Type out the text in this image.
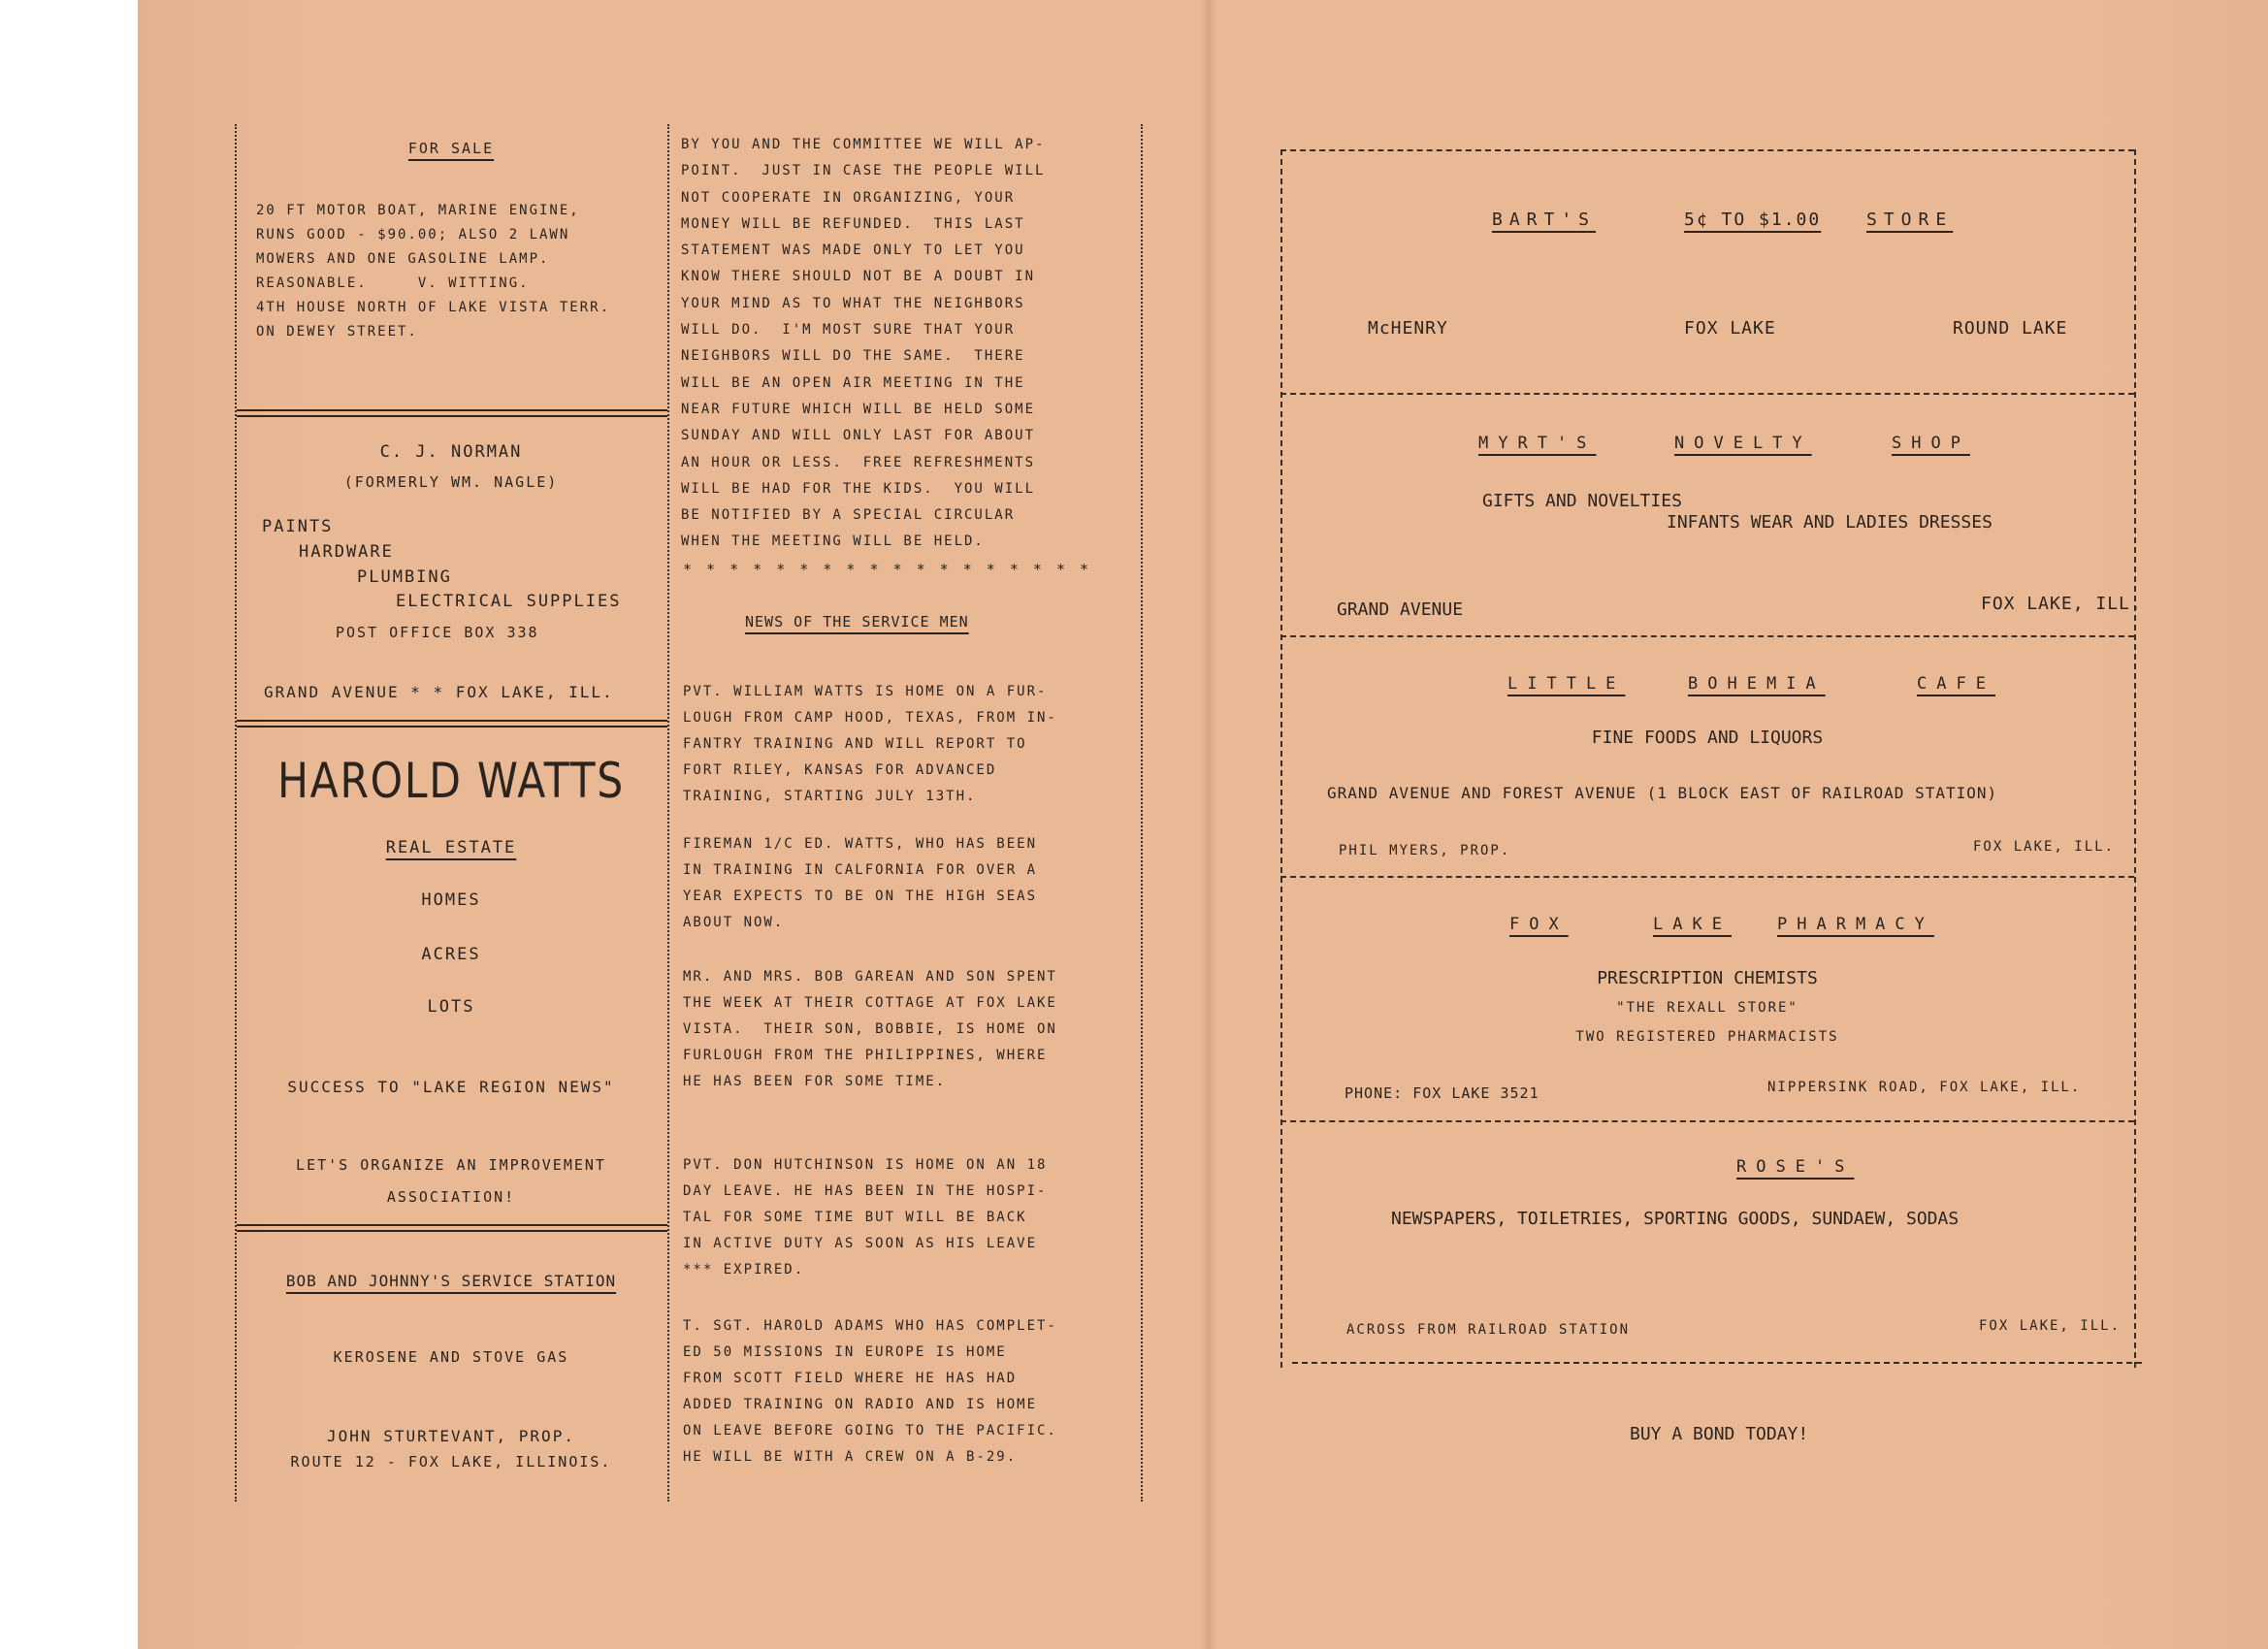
FOR SALE
20 FT MOTOR BOAT, MARINE ENGINE,
RUNS GOOD - $90.00; ALSO 2 LAWN
MOWERS AND ONE GASOLINE LAMP.
REASONABLE.     V. WITTING.
4TH HOUSE NORTH OF LAKE VISTA TERR.
ON DEWEY STREET.
C. J. NORMAN
(FORMERLY WM. NAGLE)
PAINTS
HARDWARE
PLUMBING
ELECTRICAL SUPPLIES
POST OFFICE BOX 338
GRAND AVENUE * * FOX LAKE, ILL.
HAROLD WATTS
REAL ESTATE
HOMES
ACRES
LOTS
SUCCESS TO "LAKE REGION NEWS"
LET'S ORGANIZE AN IMPROVEMENT
ASSOCIATION!
BOB AND JOHNNY'S SERVICE STATION
KEROSENE AND STOVE GAS
JOHN STURTEVANT, PROP.
ROUTE 12 - FOX LAKE, ILLINOIS.
BY YOU AND THE COMMITTEE WE WILL AP-
POINT.  JUST IN CASE THE PEOPLE WILL
NOT COOPERATE IN ORGANIZING, YOUR
MONEY WILL BE REFUNDED.  THIS LAST
STATEMENT WAS MADE ONLY TO LET YOU
KNOW THERE SHOULD NOT BE A DOUBT IN
YOUR MIND AS TO WHAT THE NEIGHBORS
WILL DO.  I'M MOST SURE THAT YOUR
NEIGHBORS WILL DO THE SAME.  THERE
WILL BE AN OPEN AIR MEETING IN THE
NEAR FUTURE WHICH WILL BE HELD SOME
SUNDAY AND WILL ONLY LAST FOR ABOUT
AN HOUR OR LESS.  FREE REFRESHMENTS
WILL BE HAD FOR THE KIDS.  YOU WILL
BE NOTIFIED BY A SPECIAL CIRCULAR
WHEN THE MEETING WILL BE HELD.
* * * * * * * * * * * * * * * * * *
NEWS OF THE SERVICE MEN
PVT. WILLIAM WATTS IS HOME ON A FUR-
LOUGH FROM CAMP HOOD, TEXAS, FROM IN-
FANTRY TRAINING AND WILL REPORT TO
FORT RILEY, KANSAS FOR ADVANCED
TRAINING, STARTING JULY 13TH.
FIREMAN 1/C ED. WATTS, WHO HAS BEEN
IN TRAINING IN CALFORNIA FOR OVER A
YEAR EXPECTS TO BE ON THE HIGH SEAS
ABOUT NOW.
MR. AND MRS. BOB GAREAN AND SON SPENT
THE WEEK AT THEIR COTTAGE AT FOX LAKE
VISTA.  THEIR SON, BOBBIE, IS HOME ON
FURLOUGH FROM THE PHILIPPINES, WHERE
HE HAS BEEN FOR SOME TIME.
PVT. DON HUTCHINSON IS HOME ON AN 18
DAY LEAVE. HE HAS BEEN IN THE HOSPI-
TAL FOR SOME TIME BUT WILL BE BACK
IN ACTIVE DUTY AS SOON AS HIS LEAVE
*** EXPIRED.
T. SGT. HAROLD ADAMS WHO HAS COMPLET-
ED 50 MISSIONS IN EUROPE IS HOME
FROM SCOTT FIELD WHERE HE HAS HAD
ADDED TRAINING ON RADIO AND IS HOME
ON LEAVE BEFORE GOING TO THE PACIFIC.
HE WILL BE WITH A CREW ON A B-29.
BART'S	5¢ TO $1.00	STORE
McHENRY	FOX LAKE	ROUND LAKE
MYRT'S	NOVELTY	SHOP
GIFTS AND NOVELTIES
INFANTS WEAR AND LADIES DRESSES
GRAND AVENUE	FOX LAKE, ILL.
LITTLE	BOHEMIA	CAFE
FINE FOODS AND LIQUORS
GRAND AVENUE AND FOREST AVENUE (1 BLOCK EAST OF RAILROAD STATION)
PHIL MYERS, PROP.	FOX LAKE, ILL.
FOX	LAKE	PHARMACY
PRESCRIPTION CHEMISTS
"THE REXALL STORE"
TWO REGISTERED PHARMACISTS
PHONE: FOX LAKE 3521	NIPPERSINK ROAD, FOX LAKE, ILL.
ROSE'S
NEWSPAPERS, TOILETRIES, SPORTING GOODS, SUNDAEW, SODAS
ACROSS FROM RAILROAD STATION	FOX LAKE, ILL.
BUY A BOND TODAY!
